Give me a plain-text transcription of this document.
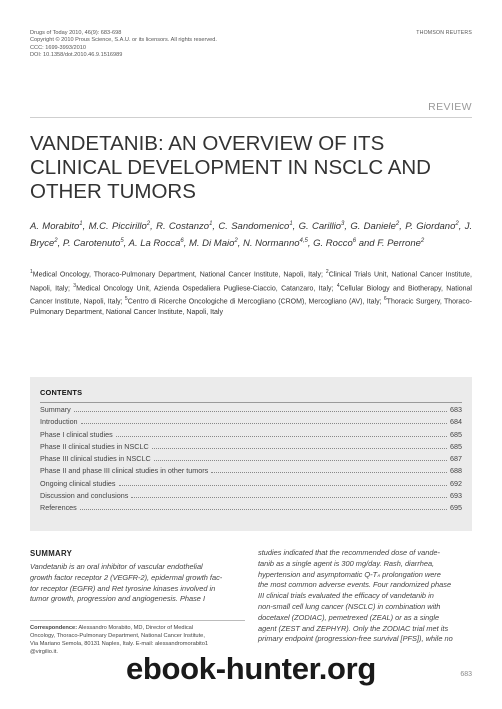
Drugs of Today 2010, 46(9): 683-698
Copyright © 2010 Prous Science, S.A.U. or its licensors. All rights reserved.
CCC: 1699-3993/2010
DOI: 10.1358/dot.2010.46.9.1516989
THOMSON REUTERS
REVIEW
VANDETANIB: AN OVERVIEW OF ITS
CLINICAL DEVELOPMENT IN NSCLC AND
OTHER TUMORS
A. Morabito$^1$, M.C. Piccirillo$^2$, R. Costanzo$^1$, C. Sandomenico$^1$, G. Carillio$^3$, G. Daniele$^2$, P. Giordano$^2$, J. Bryce$^2$, P. Carotenuto$^5$, A. La Rocca$^6$, M. Di Maio$^2$, N. Normanno$^{4,5}$, G. Rocco$^6$ and F. Perrone$^2$
$^1$Medical Oncology, Thoraco-Pulmonary Department, National Cancer Institute, Napoli, Italy; $^2$Clinical Trials Unit, National Cancer Institute, Napoli, Italy; $^3$Medical Oncology Unit, Azienda Ospedaliera Pugliese-Ciaccio, Catanzaro, Italy; $^4$Cellular Biology and Biotherapy, National Cancer Institute, Napoli, Italy; $^5$Centro di Ricerche Oncologiche di Mercogliano (CROM), Mercogliano (AV), Italy; $^6$Thoracic Surgery, Thoraco-Pulmonary Department, National Cancer Institute, Napoli, Italy
CONTENTS
Summary	683
Introduction	684
Phase I clinical studies	685
Phase II clinical studies in NSCLC	685
Phase III clinical studies in NSCLC	687
Phase II and phase III clinical studies in other tumors	688
Ongoing clinical studies	692
Discussion and conclusions	693
References	695
SUMMARY
Vandetanib is an oral inhibitor of vascular endothelial
growth factor receptor 2 (VEGFR-2), epidermal growth fac-
tor receptor (EGFR) and Ret tyrosine kinases involved in
tumor growth, progression and angiogenesis. Phase I
Correspondence: Alessandro Morabito, MD, Director of Medical
Oncology, Thoraco-Pulmonary Department, National Cancer Institute,
Via Mariano Semola, 80131 Naples, Italy. E-mail: alessandromorabito1
@virgilio.it.
studies indicated that the recommended dose of vande-
tanib as a single agent is 300 mg/day. Rash, diarrhea,
hypertension and asymptomatic Q-Tₙ prolongation were
the most common adverse events. Four randomized phase
III clinical trials evaluated the efficacy of vandetanib in
non-small cell lung cancer (NSCLC) in combination with
docetaxel (ZODIAC), pemetrexed (ZEAL) or as a single
agent (ZEST and ZEPHYR). Only the ZODIAC trial met its
primary endpoint (progression-free survival [PFS]), while no
683
ebook-hunter.org
